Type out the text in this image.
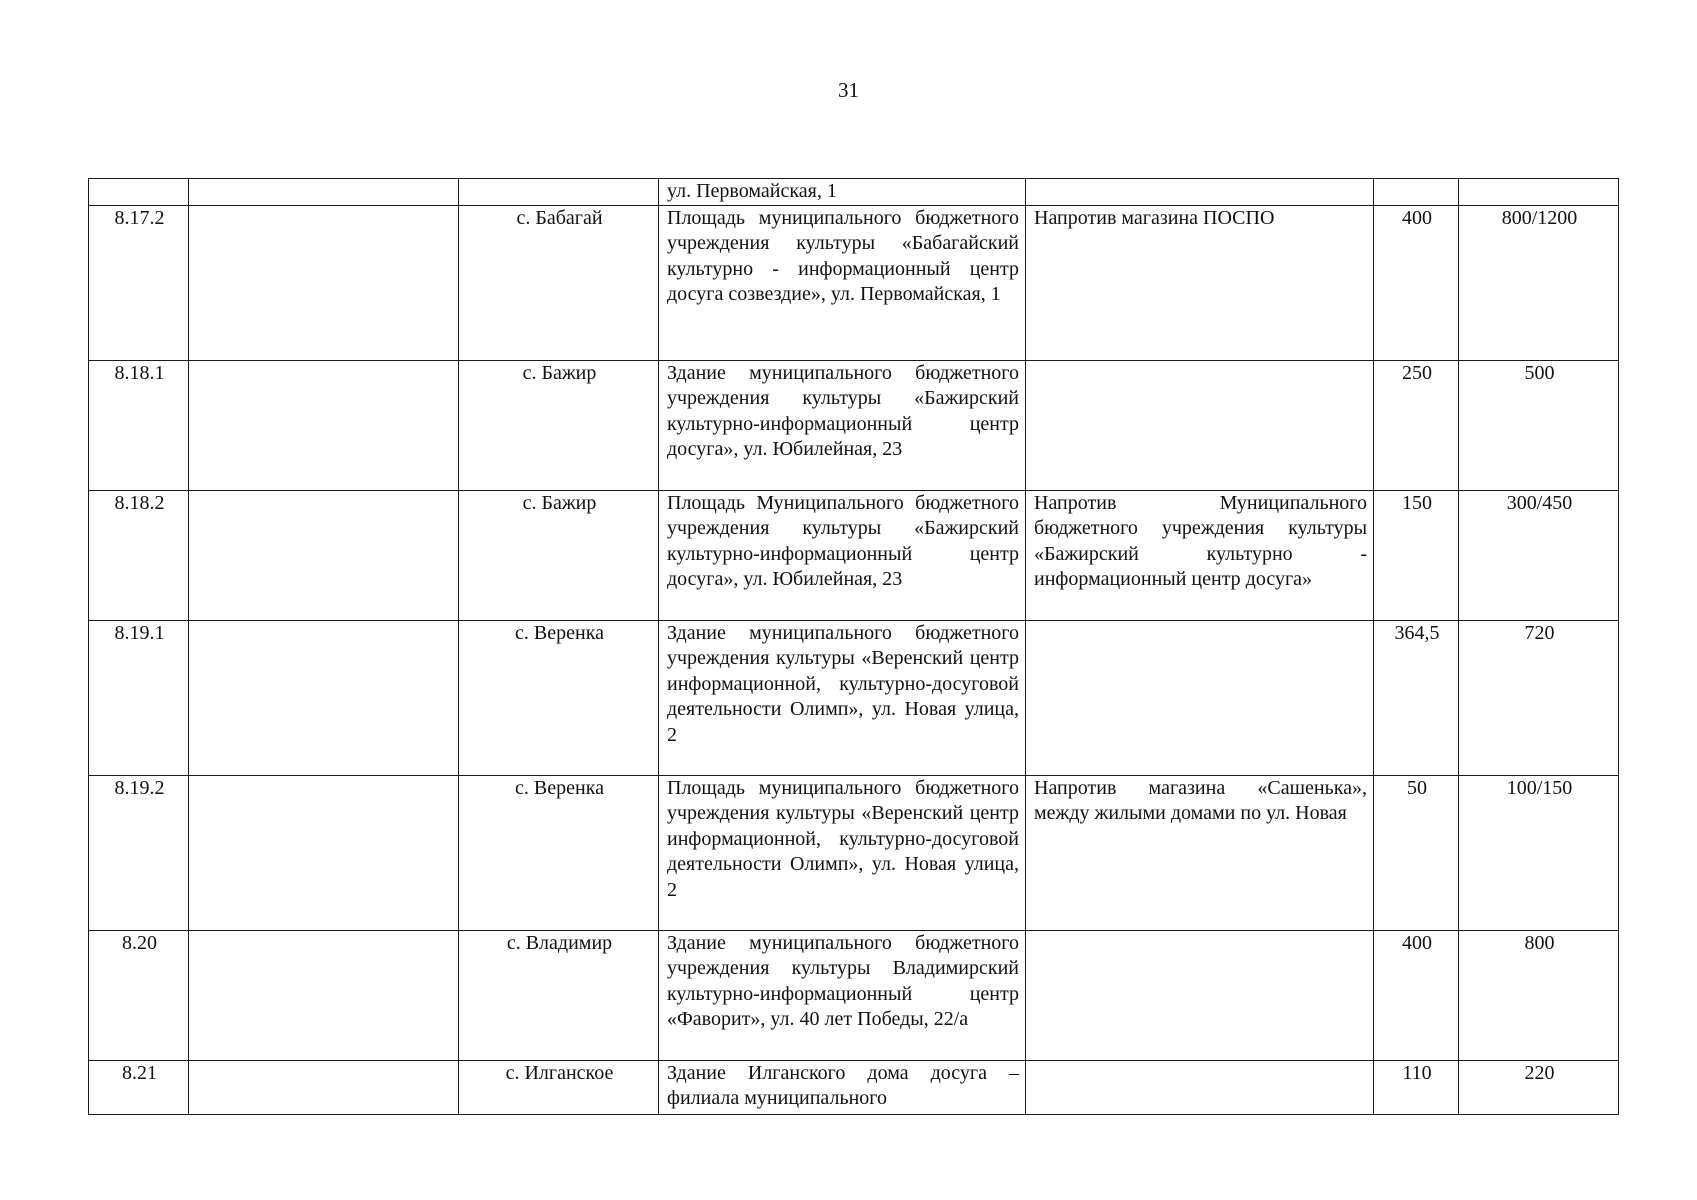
31
			ул. Первомайская, 1			
8.17.2		с. Бабагай	Площадь муниципального бюджетного учреждения культуры «Бабагайский культурно - информационный центр досуга созвездие», ул. Первомайская, 1	Напротив магазина ПОСПО	400	800/1200
8.18.1		с. Бажир	Здание муниципального бюджетного учреждения культуры «Бажирский культурно-информационный центр досуга», ул. Юбилейная, 23		250	500
8.18.2		с. Бажир	Площадь Муниципального бюджетного учреждения культуры «Бажирский культурно-информационный центр досуга», ул. Юбилейная, 23	Напротив Муниципального бюджетного учреждения культуры «Бажирский культурно - информационный центр досуга»	150	300/450
8.19.1		с. Веренка	Здание муниципального бюджетного учреждения культуры «Веренский центр информационной, культурно-досуговой деятельности Олимп», ул. Новая улица, 2		364,5	720
8.19.2		с. Веренка	Площадь муниципального бюджетного учреждения культуры «Веренский центр информационной, культурно-досуговой деятельности Олимп», ул. Новая улица, 2	Напротив магазина «Сашенька», между жилыми домами по ул. Новая	50	100/150
8.20		с. Владимир	Здание муниципального бюджетного учреждения культуры Владимирский культурно-информационный центр «Фаворит», ул. 40 лет Победы, 22/а		400	800
8.21		с. Илганское	Здание Илганского дома досуга – филиала муниципального		110	220
